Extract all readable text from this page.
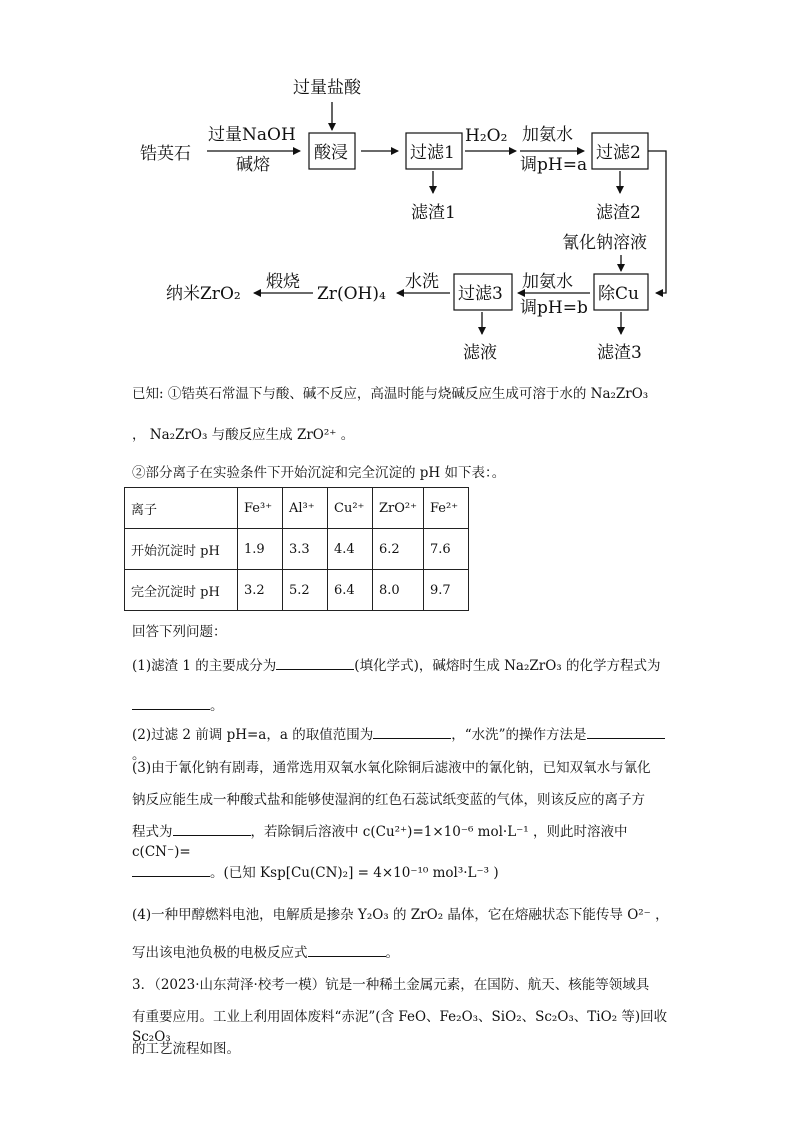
锆英石
过量NaOH
碱熔
过量盐酸
酸浸	过滤1
H₂O₂ 加氨水
调pH=a
过滤2
滤渣1	滤渣2
氰化钠溶液
除Cu
滤渣3
加氨水
调pH=b
过滤3
滤液
水洗
Zr(OH)₄
煅烧
纳米ZrO₂
已知: ①锆英石常温下与酸、碱不反应，高温时能与烧碱反应生成可溶于水的 Na₂ZrO₃
， Na₂ZrO₃ 与酸反应生成 ZrO²⁺ 。
②部分离子在实验条件下开始沉淀和完全沉淀的 pH 如下表：。
离子	Fe³⁺	Al³⁺	Cu²⁺	ZrO²⁺	Fe²⁺
开始沉淀时 pH	1.9	3.3	4.4	6.2	7.6
完全沉淀时 pH	3.2	5.2	6.4	8.0	9.7
回答下列问题：
(1)滤渣 1 的主要成分为	(填化学式)，碱熔时生成 Na₂ZrO₃ 的化学方程式为
。
(2)过滤 2 前调 pH=a，a 的取值范围为	，“水洗”的操作方法是。
(3)由于氰化钠有剧毒，通常选用双氧水氧化除铜后滤液中的氰化钠，已知双氧水与氰化
钠反应能生成一种酸式盐和能够使湿润的红色石蕊试纸变蓝的气体，则该反应的离子方
程式为	，若除铜后溶液中 c(Cu²⁺)=1×10⁻⁶ mol·L⁻¹ ，则此时溶液中 c(CN⁻)=
。(已知 Ksp[Cu(CN)₂] = 4×10⁻¹⁰ mol³·L⁻³ )
(4)一种甲醇燃料电池，电解质是掺杂 Y₂O₃ 的 ZrO₂ 晶体，它在熔融状态下能传导 O²⁻ ，
写出该电池负极的电极反应式	。
3．（2023·山东菏泽·校考一模）钪是一种稀土金属元素，在国防、航天、核能等领域具
有重要应用。工业上利用固体废料“赤泥”(含 FeO、Fe₂O₃、SiO₂、Sc₂O₃、TiO₂ 等)回收 Sc₂O₃
的工艺流程如图。
